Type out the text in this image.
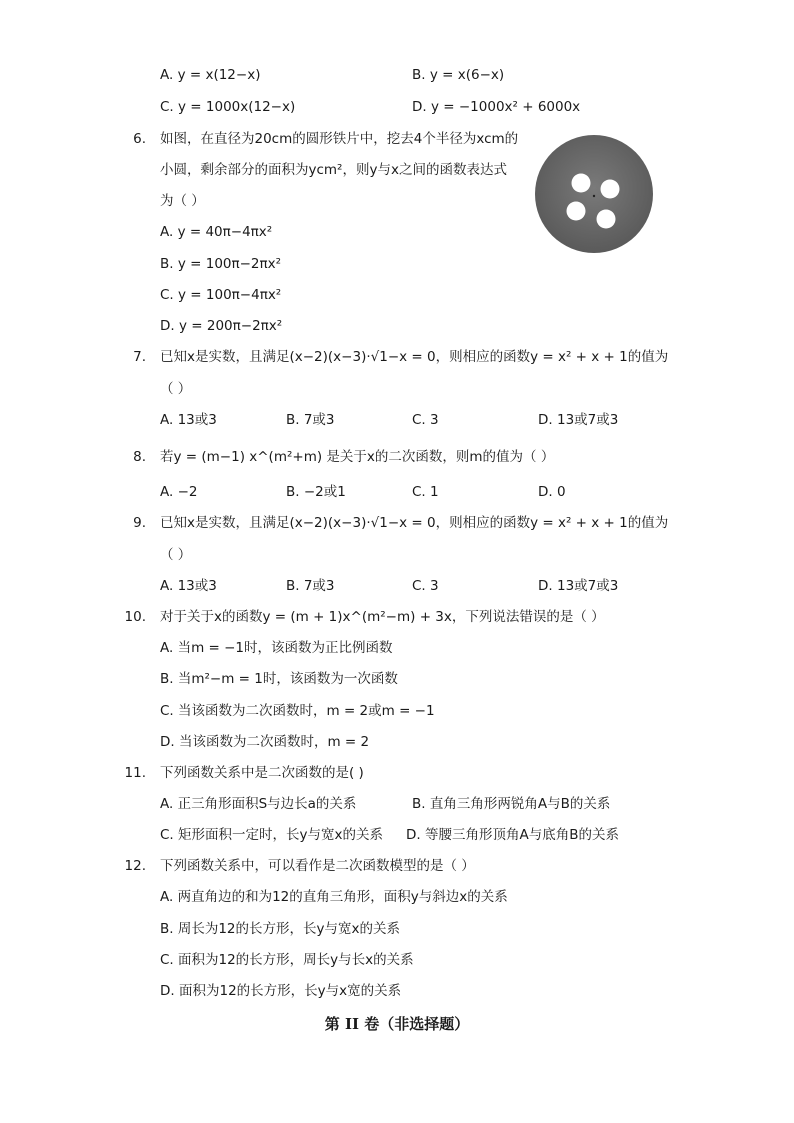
A. y = x(12−x)	B. y = x(6−x)
C. y = 1000x(12−x)	D. y = −1000x² + 6000x
6. 如图，在直径为20cm的圆形铁片中，挖去4个半径为xcm的
小圆，剩余部分的面积为ycm²，则y与x之间的函数表达式
为（ ）
A. y = 40π−4πx²
B. y = 100π−2πx²
C. y = 100π−4πx²
D. y = 200π−2πx²
7. 已知x是实数，且满足(x−2)(x−3)·√1−x = 0，则相应的函数y = x² + x + 1的值为
（ ）
A. 13或3	B. 7或3	C. 3	D. 13或7或3
8. 若y = (m−1) x^(m²+m) 是关于x的二次函数，则m的值为（ ）
A. −2	B. −2或1	C. 1	D. 0
9. 已知x是实数，且满足(x−2)(x−3)·√1−x = 0，则相应的函数y = x² + x + 1的值为
（ ）
A. 13或3	B. 7或3	C. 3	D. 13或7或3
10. 对于关于x的函数y = (m + 1)x^(m²−m) + 3x，下列说法错误的是（ ）
A. 当m = −1时，该函数为正比例函数
B. 当m²−m = 1时，该函数为一次函数
C. 当该函数为二次函数时，m = 2或m = −1
D. 当该函数为二次函数时，m = 2
11. 下列函数关系中是二次函数的是( )
A. 正三角形面积S与边长a的关系	B. 直角三角形两锐角A与B的关系
C. 矩形面积一定时，长y与宽x的关系 D. 等腰三角形顶角A与底角B的关系
12. 下列函数关系中，可以看作是二次函数模型的是（ ）
A. 两直角边的和为12的直角三角形，面积y与斜边x的关系
B. 周长为12的长方形，长y与宽x的关系
C. 面积为12的长方形，周长y与长x的关系
D. 面积为12的长方形，长y与x宽的关系
第 II 卷（非选择题）
